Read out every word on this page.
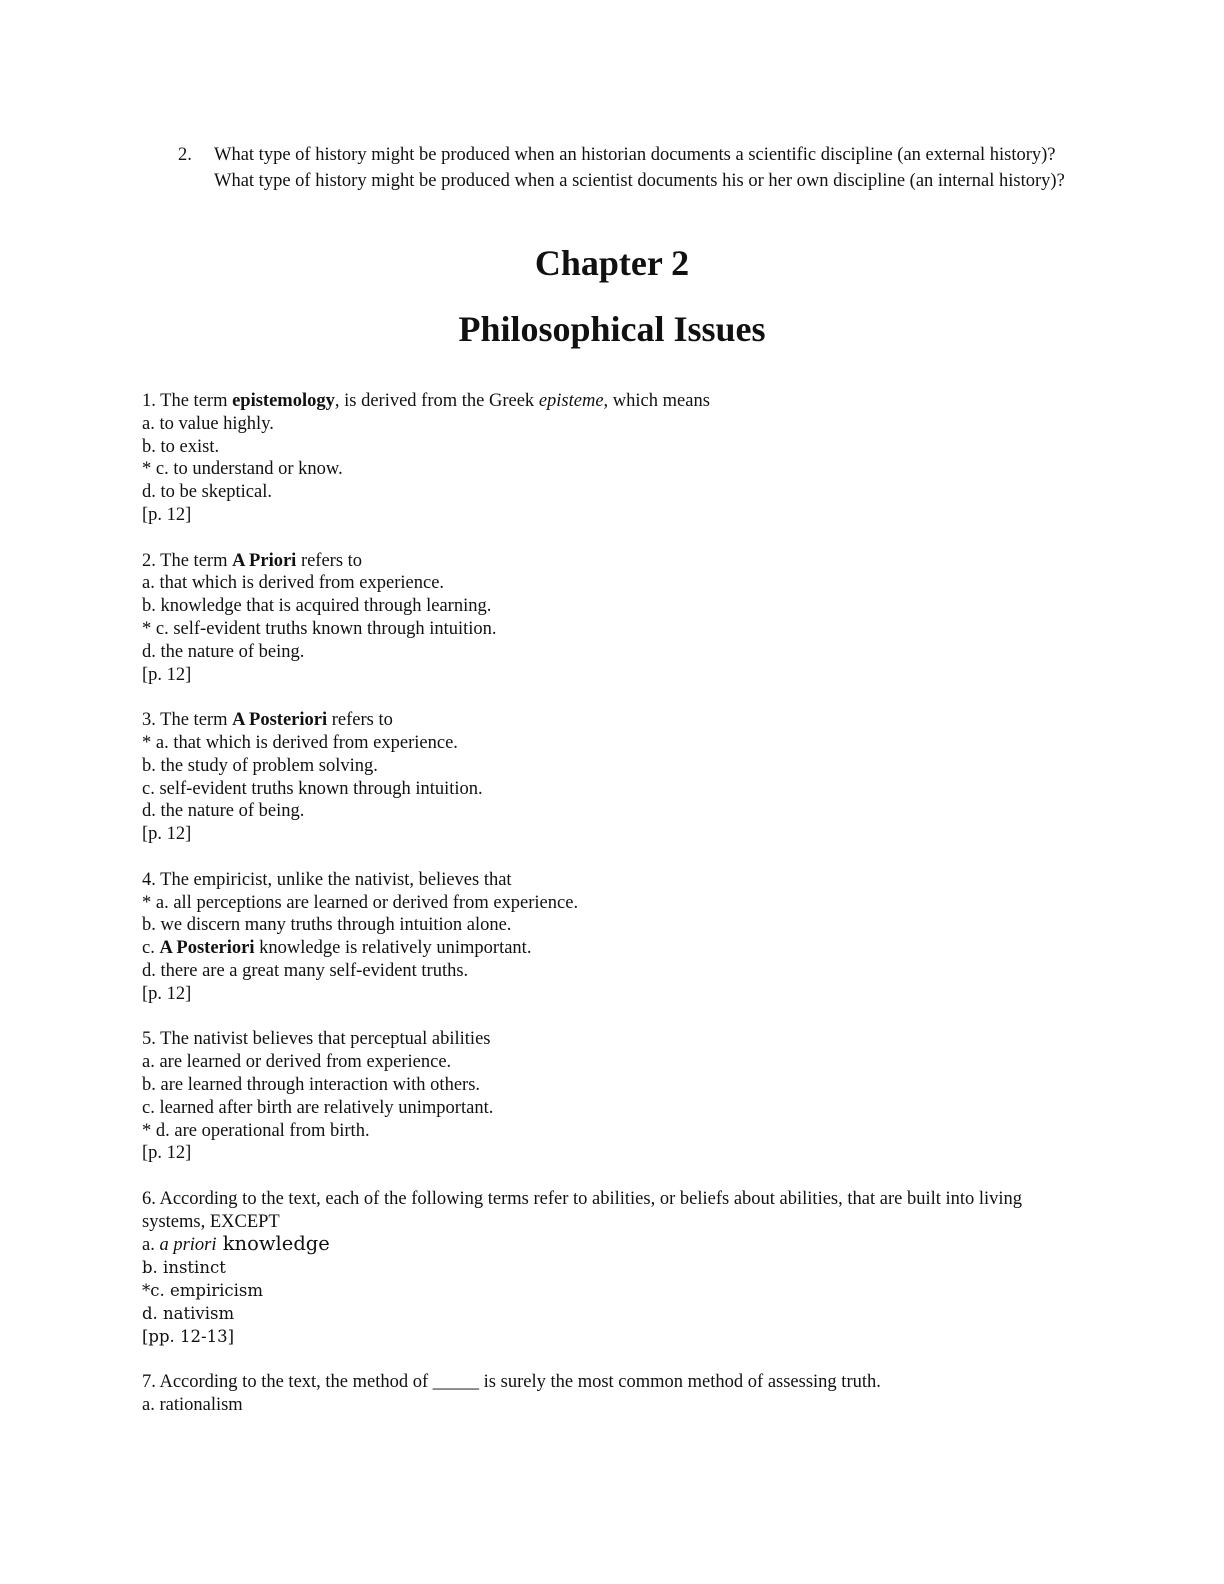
2.	What type of history might be produced when an historian documents a scientific discipline (an external history)? What type of history might be produced when a scientist documents his or her own discipline (an internal history)?
Chapter 2
Philosophical Issues
1. The term epistemology, is derived from the Greek episteme, which means
a. to value highly.
b. to exist.
* c. to understand or know.
d. to be skeptical.
[p. 12]
2. The term A Priori refers to
a. that which is derived from experience.
b. knowledge that is acquired through learning.
* c. self-evident truths known through intuition.
d. the nature of being.
[p. 12]
3. The term A Posteriori refers to
* a. that which is derived from experience.
b. the study of problem solving.
c. self-evident truths known through intuition.
d. the nature of being.
[p. 12]
4. The empiricist, unlike the nativist, believes that
* a. all perceptions are learned or derived from experience.
b. we discern many truths through intuition alone.
c. A Posteriori knowledge is relatively unimportant.
d. there are a great many self-evident truths.
[p. 12]
5. The nativist believes that perceptual abilities
a. are learned or derived from experience.
b. are learned through interaction with others.
c. learned after birth are relatively unimportant.
* d. are operational from birth.
[p. 12]
6. According to the text, each of the following terms refer to abilities, or beliefs about abilities, that are built into living systems, EXCEPT
a. a priori knowledge
b. instinct
*c. empiricism
d. nativism
[pp. 12-13]
7. According to the text, the method of _____ is surely the most common method of assessing truth.
a. rationalism
